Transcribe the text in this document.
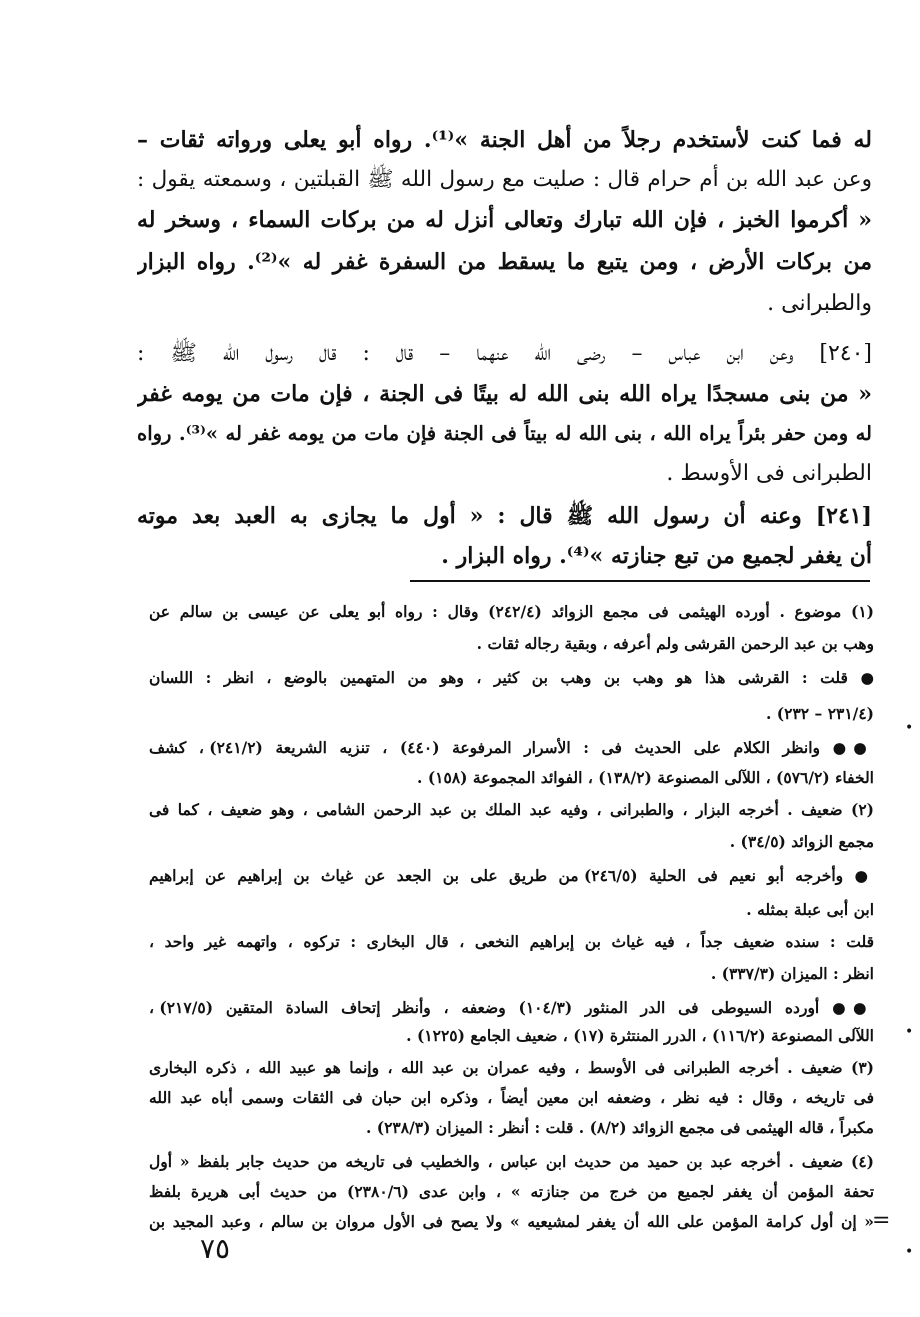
له فما كنت لأستخدم رجلاً من أهل الجنة »⁽¹⁾. رواه أبو يعلى ورواته ثقات –
وعن عبد الله بن أم حرام قال : صليت مع رسول الله ﷺ القبلتين ، وسمعته يقول :
« أكرموا الخبز ، فإن الله تبارك وتعالى أنزل له من بركات السماء ، وسخر له
من بركات الأرض ، ومن يتبع ما يسقط من السفرة غفر له »⁽²⁾. رواه البزار
والطبرانى .
[٢٤٠] وعن ابن عباس – رضى الله عنهما – قال : قال رسول الله ﷺ :
« من بنى مسجدًا يراه الله بنى الله له بيتًا فى الجنة ، فإن مات من يومه غفر
له ومن حفر بئراً يراه الله ، بنى الله له بيتاً فى الجنة فإن مات من يومه غفر له »⁽³⁾. رواه
الطبرانى فى الأوسط .
[٢٤١] وعنه أن رسول الله ﷺ قال : « أول ما يجازى به العبد بعد موته
أن يغفر لجميع من تبع جنازته »⁽⁴⁾. رواه البزار .
(١) موضوع . أورده الهيثمى فى مجمع الزوائد (٢٤٢/٤) وقال : رواه أبو يعلى عن عيسى بن سالم عن
وهب بن عبد الرحمن القرشى ولم أعرفه ، وبقية رجاله ثقات .
● قلت : القرشى هذا هو وهب بن وهب بن كثير ، وهو من المتهمين بالوضع ، انظر : اللسان
(٢٣١/٤ – ٢٣٢) .
●● وانظر الكلام على الحديث فى : الأسرار المرفوعة (٤٤٠) ، تنزيه الشريعة (٢٤١/٢) ، كشف
الخفاء (٥٧٦/٢) ، اللآلى المصنوعة (١٣٨/٢) ، الفوائد المجموعة (١٥٨) .
(٢) ضعيف . أخرجه البزار ، والطبرانى ، وفيه عبد الملك بن عبد الرحمن الشامى ، وهو ضعيف ، كما فى
مجمع الزوائد (٣٤/٥) .
● وأخرجه أبو نعيم فى الحلية (٢٤٦/٥) من طريق على بن الجعد عن غياث بن إبراهيم عن إبراهيم
ابن أبى عبلة بمثله .
قلت : سنده ضعيف جداً ، فيه غياث بن إبراهيم النخعى ، قال البخارى : تركوه ، واتهمه غير واحد ،
انظر : الميزان (٣٣٧/٣) .
●● أورده السيوطى فى الدر المنثور (١٠٤/٣) وضعفه ، وأنظر إتحاف السادة المتقين (٢١٧/٥) ،
اللآلى المصنوعة (١١٦/٢) ، الدرر المنتثرة (١٧) ، ضعيف الجامع (١٢٢٥) .
(٣) ضعيف . أخرجه الطبرانى فى الأوسط ، وفيه عمران بن عبد الله ، وإنما هو عبيد الله ، ذكره البخارى
فى تاريخه ، وقال : فيه نظر ، وضعفه ابن معين أيضاً ، وذكره ابن حبان فى الثقات وسمى أباه عبد الله
مكبراً ، قاله الهيثمى فى مجمع الزوائد (٨/٢) . قلت : أنظر : الميزان (٢٣٨/٣) .
(٤) ضعيف . أخرجه عبد بن حميد من حديث ابن عباس ، والخطيب فى تاريخه من حديث جابر بلفظ « أول
تحفة المؤمن أن يغفر لجميع من خرج من جنازته » ، وابن عدى (٢٣٨٠/٦) من حديث أبى هريرة بلفظ
« إن أول كرامة المؤمن على الله أن يغفر لمشيعيه » ولا يصح فى الأول مروان بن سالم ، وعبد المجيد بن
=
٧٥
•
•
•
